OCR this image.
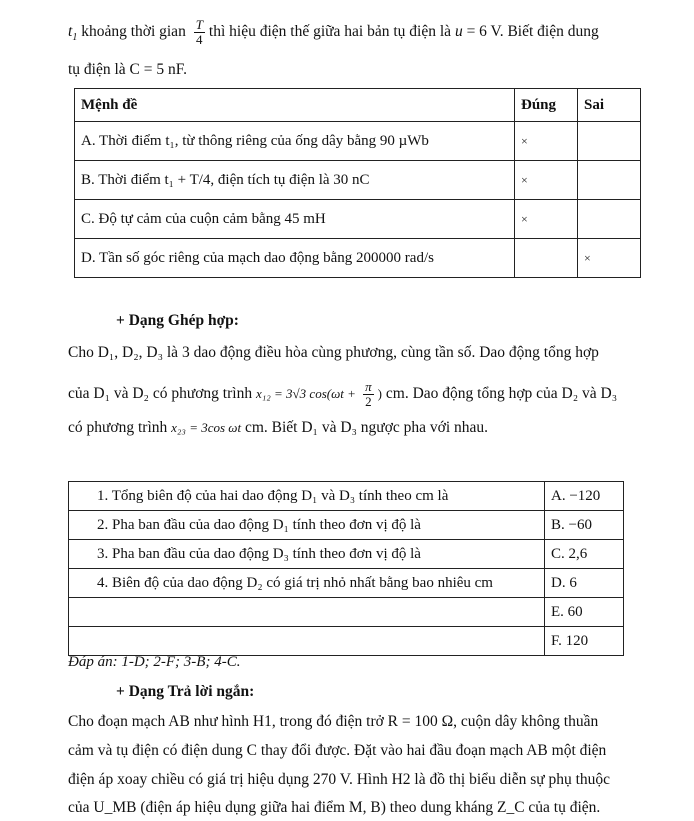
$t_1$ khoảng thời gian $\frac{T}{4}$ thì hiệu điện thế giữa hai bản tụ điện là u = 6 V. Biết điện dung
tụ điện là C = 5 nF.
Mệnh đề	Đúng	Sai
A. Thời điểm t₁, từ thông riêng của ống dây bằng 90 µWb	×	
B. Thời điểm t₁ + T/4, điện tích tụ điện là 30 nC	×	
C. Độ tự cảm của cuộn cảm bằng 45 mH	×	
D. Tần số góc riêng của mạch dao động bằng 200000 rad/s		×
+ Dạng Ghép hợp:
Cho D₁, D₂, D₃ là 3 dao động điều hòa cùng phương, cùng tần số. Dao động tổng hợp
của D₁ và D₂ có phương trình x₁₂ = 3√3 $\cos(\omega t + \frac{\pi}{2}$ ) cm. Dao động tổng hợp của D₂ và D₃
có phương trình x₂₃ = 3cos ωt cm. Biết D₁ và D₃ ngược pha với nhau.
1. Tổng biên độ của hai dao động D₁ và D₃ tính theo cm là	A. −120
2. Pha ban đầu của dao động D₁ tính theo đơn vị độ là	B. −60
3. Pha ban đầu của dao động D₃ tính theo đơn vị độ là	C. 2,6
4. Biên độ của dao động D₂ có giá trị nhỏ nhất bằng bao nhiêu cm	D. 6
	E. 60
	F. 120
Đáp án: 1-D; 2-F; 3-B; 4-C.
+ Dạng Trả lời ngắn:
Cho đoạn mạch AB như hình H1, trong đó điện trở R = 100 Ω, cuộn dây không thuần
cảm và tụ điện có điện dung C thay đổi được. Đặt vào hai đầu đoạn mạch AB một điện
điện áp xoay chiều có giá trị hiệu dụng 270 V. Hình H2 là đồ thị biểu diễn sự phụ thuộc
của U_MB (điện áp hiệu dụng giữa hai điểm M, B) theo dung kháng Z_C của tụ điện.
